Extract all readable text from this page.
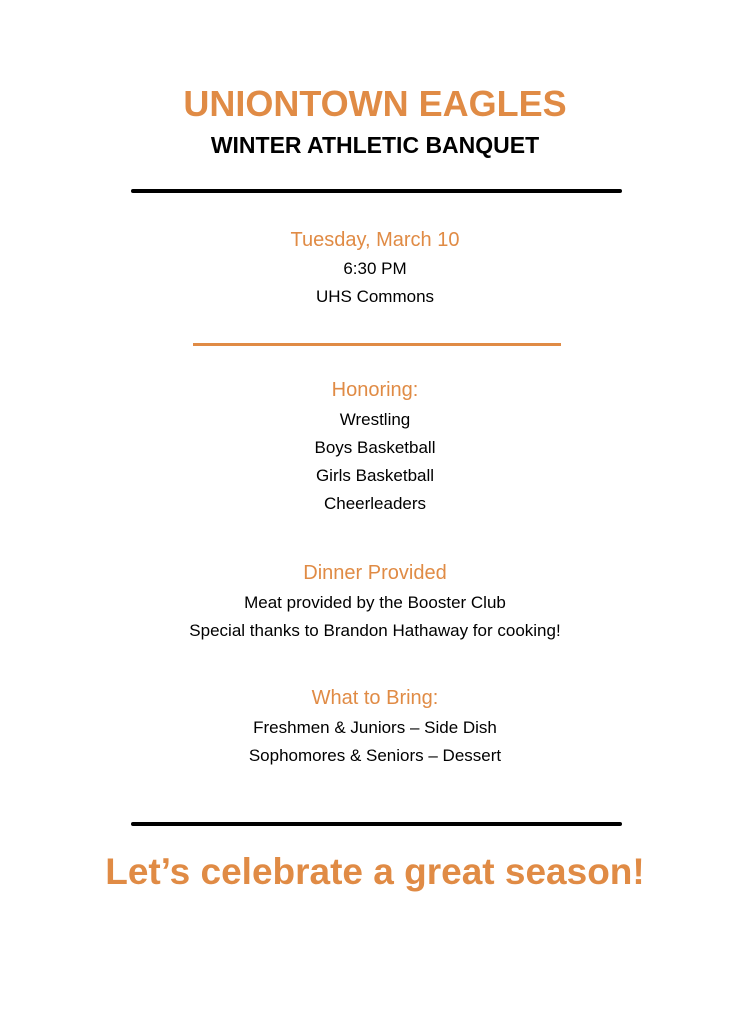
UNIONTOWN EAGLES
WINTER ATHLETIC BANQUET
Tuesday, March 10
6:30 PM
UHS Commons
Honoring:
Wrestling
Boys Basketball
Girls Basketball
Cheerleaders
Dinner Provided
Meat provided by the Booster Club
Special thanks to Brandon Hathaway for cooking!
What to Bring:
Freshmen & Juniors – Side Dish
Sophomores & Seniors – Dessert
Let’s celebrate a great season!
